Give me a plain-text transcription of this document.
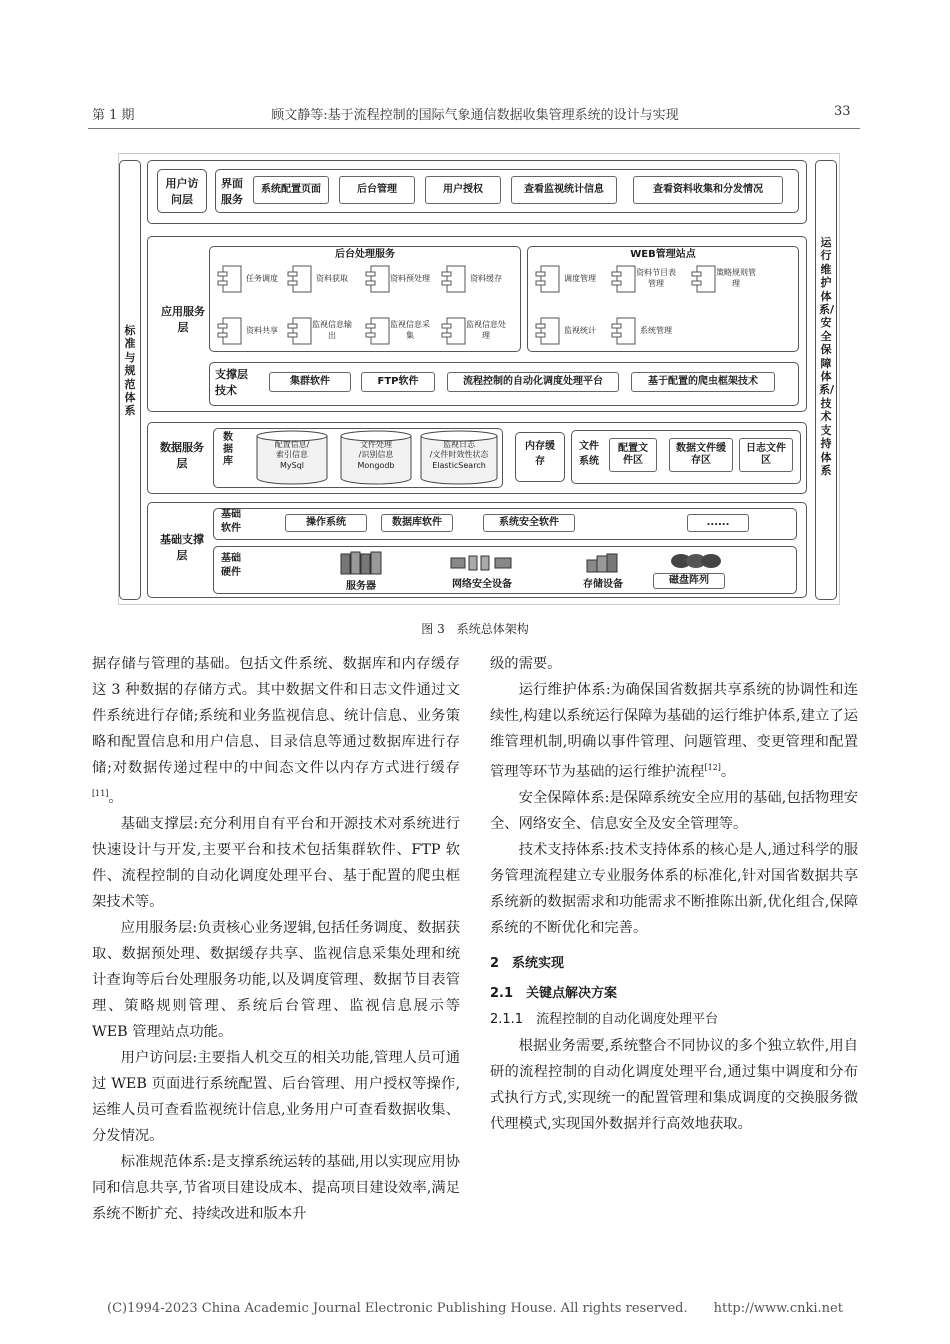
第 1 期	顾文静等:基于流程控制的国际气象通信数据收集管理系统的设计与实现	33
标准与规范体系
运行维护体系/安全保障体系/技术支持体系
用户访问层
界面服务
系统配置页面	后台管理	用户授权	查看监视统计信息	查看资料收集和分发情况
应用服务层
后台处理服务	WEB管理站点
支撑层技术
集群软件	FTP软件	流程控制的自动化调度处理平台	基于配置的爬虫框架技术
数据服务层
数据库
配置信息/
索引信息
MySql
文件处理
/识别信息
Mongodb
监视日志
/文件时效性状态
ElasticSearch
内存缓存
文件系统
配置文件区
数据文件缓存区
日志文件区
基础支撑层
基础软件	操作系统	数据库软件	系统安全软件	......
基础硬件
服务器	网络安全设备	存储设备	磁盘阵列
任务调度	资料获取	资料预处理	资料缓存
资料共享
监视信息输出
监视信息采集
监视信息处理
调度管理
资料节目表管理
策略规则管理
监视统计	系统管理
图 3　系统总体架构

据存储与管理的基础。包括文件系统、数据库和内存缓存这 3 种数据的存储方式。其中数据文件和日志文件通过文件系统进行存储;系统和业务监视信息、统计信息、业务策略和配置信息和用户信息、目录信息等通过数据库进行存储;对数据传递过程中的中间态文件以内存方式进行缓存[11]。

基础支撑层:充分利用自有平台和开源技术对系统进行快速设计与开发,主要平台和技术包括集群软件、FTP 软件、流程控制的自动化调度处理平台、基于配置的爬虫框架技术等。

应用服务层:负责核心业务逻辑,包括任务调度、数据获取、数据预处理、数据缓存共享、监视信息采集处理和统计查询等后台处理服务功能,以及调度管理、数据节目表管理、策略规则管理、系统后台管理、监视信息展示等 WEB 管理站点功能。

用户访问层:主要指人机交互的相关功能,管理人员可通过 WEB 页面进行系统配置、后台管理、用户授权等操作,运维人员可查看监视统计信息,业务用户可查看数据收集、分发情况。

标准规范体系:是支撑系统运转的基础,用以实现应用协同和信息共享,节省项目建设成本、提高项目建设效率,满足系统不断扩充、持续改进和版本升

级的需要。

运行维护体系:为确保国省数据共享系统的协调性和连续性,构建以系统运行保障为基础的运行维护体系,建立了运维管理机制,明确以事件管理、问题管理、变更管理和配置管理等环节为基础的运行维护流程[12]。

安全保障体系:是保障系统安全应用的基础,包括物理安全、网络安全、信息安全及安全管理等。

技术支持体系:技术支持体系的核心是人,通过科学的服务管理流程建立专业服务体系的标准化,针对国省数据共享系统新的数据需求和功能需求不断推陈出新,优化组合,保障系统的不断优化和完善。

2　系统实现

2.1　关键点解决方案

2.1.1　流程控制的自动化调度处理平台

根据业务需要,系统整合不同协议的多个独立软件,用自研的流程控制的自动化调度处理平台,通过集中调度和分布式执行方式,实现统一的配置管理和集成调度的交换服务微代理模式,实现国外数据并行高效地获取。

(C)1994-2023 China Academic Journal Electronic Publishing House. All rights reserved.　　http://www.cnki.net
